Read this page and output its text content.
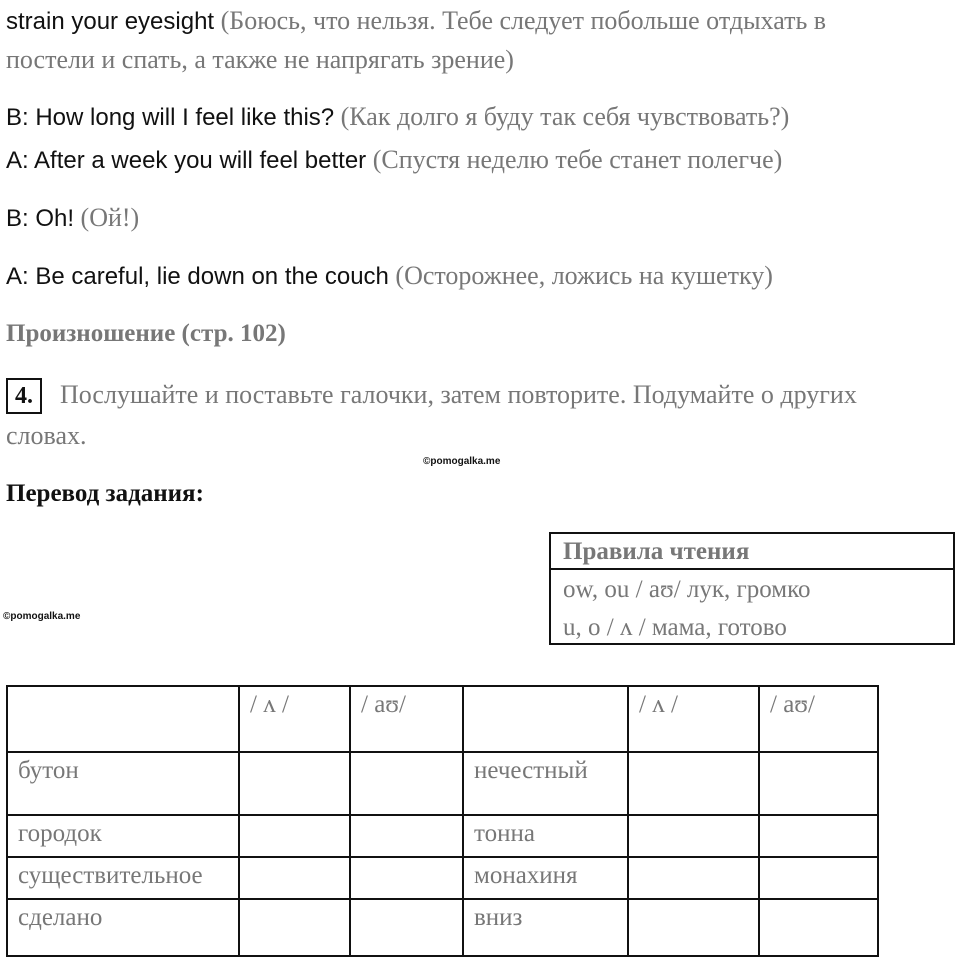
strain your eyesight (Боюсь, что нельзя. Тебе следует побольше отдыхать в
постели и спать, а также не напрягать зрение)
B: How long will I feel like this? (Как долго я буду так себя чувствовать?)
A: After a week you will feel better (Спустя неделю тебе станет полегче)
B: Oh! (Ой!)
A: Be careful, lie down on the couch (Осторожнее, ложись на кушетку)
Произношение (стр. 102)
4.	Послушайте и поставьте галочки, затем повторите. Подумайте о других
словах.
©pomogalka.me
Перевод задания:
©pomogalka.me
Правила чтения
ow, ou / aʊ/ лук, громко
u, o / ʌ / мама, готово
	/ ʌ /	/ aʊ/		/ ʌ /	/ aʊ/
бутон			нечестный		
городок			тонна		
существительное			монахиня		
сделано			вниз		
